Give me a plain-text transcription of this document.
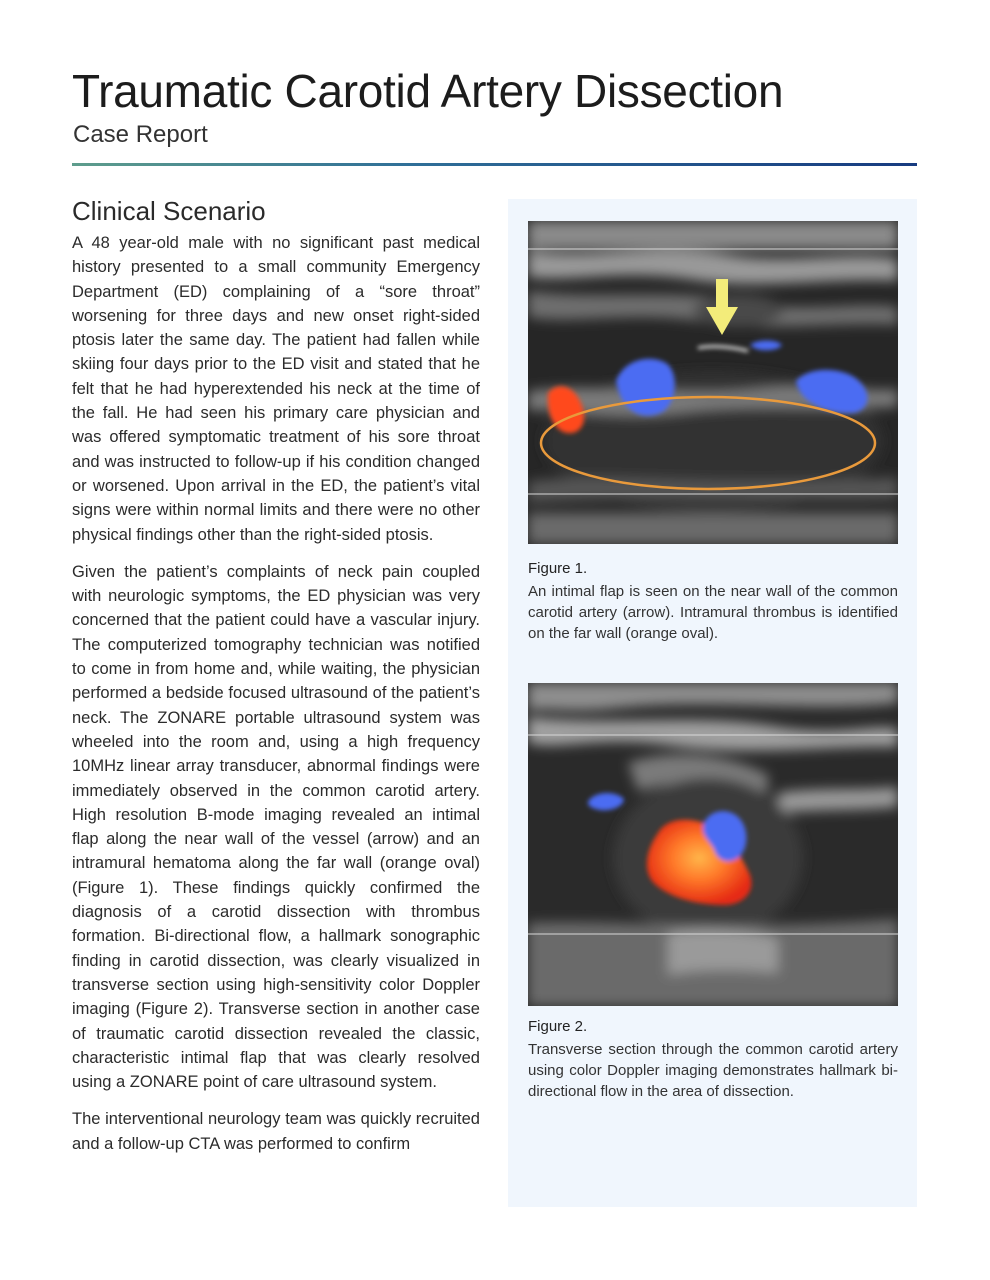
Traumatic Carotid Artery Dissection
Case Report
Clinical Scenario

A 48 year-old male with no significant past medical history presented to a small community Emergency Department (ED) complaining of a “sore throat” worsening for three days and new onset right-sided ptosis later the same day. The patient had fallen while skiing four days prior to the ED visit and stated that he felt that he had hyperextended his neck at the time of the fall. He had seen his primary care physician and was offered symptomatic treatment of his sore throat and was instructed to follow-up if his condition changed or worsened. Upon arrival in the ED, the patient’s vital signs were within normal limits and there were no other physical findings other than the right-sided ptosis.

Given the patient’s complaints of neck pain coupled with neurologic symptoms, the ED physician was very concerned that the patient could have a vascular injury. The computerized tomography technician was notified to come in from home and, while waiting, the physician performed a bedside focused ultrasound of the patient’s neck. The ZONARE portable ultrasound system was wheeled into the room and, using a high frequency 10MHz linear array transducer, abnormal findings were immediately observed in the common carotid artery. High resolution B-mode imaging revealed an intimal flap along the near wall of the vessel (arrow) and an intramural hematoma along the far wall (orange oval) (Figure 1). These findings quickly confirmed the diagnosis of a carotid dissection with thrombus formation. Bi-directional flow, a hallmark sonographic finding in carotid dissection, was clearly visualized in transverse section using high-sensitivity color Doppler imaging (Figure 2). Transverse section in another case of traumatic carotid dissection revealed the classic, characteristic intimal flap that was clearly resolved using a ZONARE point of care ultrasound system.

The interventional neurology team was quickly recruited and a follow-up CTA was performed to confirm

Figure 1.

An intimal flap is seen on the near wall of the common carotid artery (arrow). Intramural thrombus is identified on the far wall (orange oval).

Figure 2.

Transverse section through the common carotid artery using color Doppler imaging demonstrates hallmark bi-directional flow in the area of dissection.
